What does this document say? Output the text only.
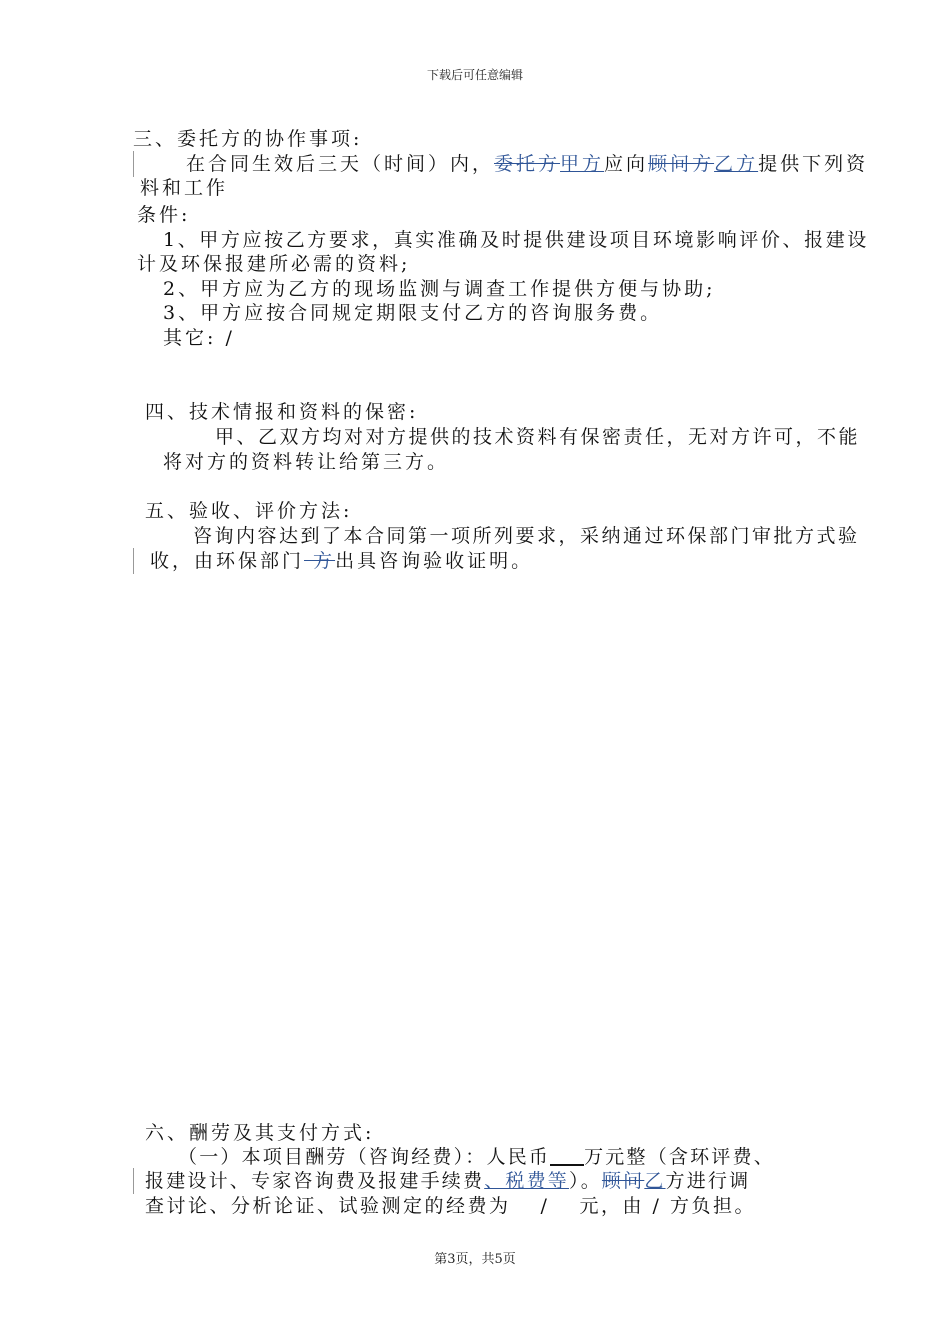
下载后可任意编辑
三、委托方的协作事项:
在合同生效后三天（时间）内，委托方甲方应向顾问方乙方提供下列资
料和工作
条件:
1、甲方应按乙方要求，真实准确及时提供建设项目环境影响评价、报建设
计及环保报建所必需的资料;
2、甲方应为乙方的现场监测与调查工作提供方便与协助;
3、甲方应按合同规定期限支付乙方的咨询服务费。
其它: /
四、技术情报和资料的保密:
甲、乙双方均对对方提供的技术资料有保密责任，无对方许可，不能
将对方的资料转让给第三方。
五、验收、评价方法:
咨询内容达到了本合同第一项所列要求，采纳通过环保部门审批方式验
收，由环保部门 方出具咨询验收证明。
六、酬劳及其支付方式:
（一）本项目酬劳（咨询经费）：人民币 万元整（含环评费、
报建设计、专家咨询费及报建手续费、税费等）。顾问乙方进行调
查讨论、分析论证、试验测定的经费为　 /　 元，由 / 方负担。
第3页，共5页
